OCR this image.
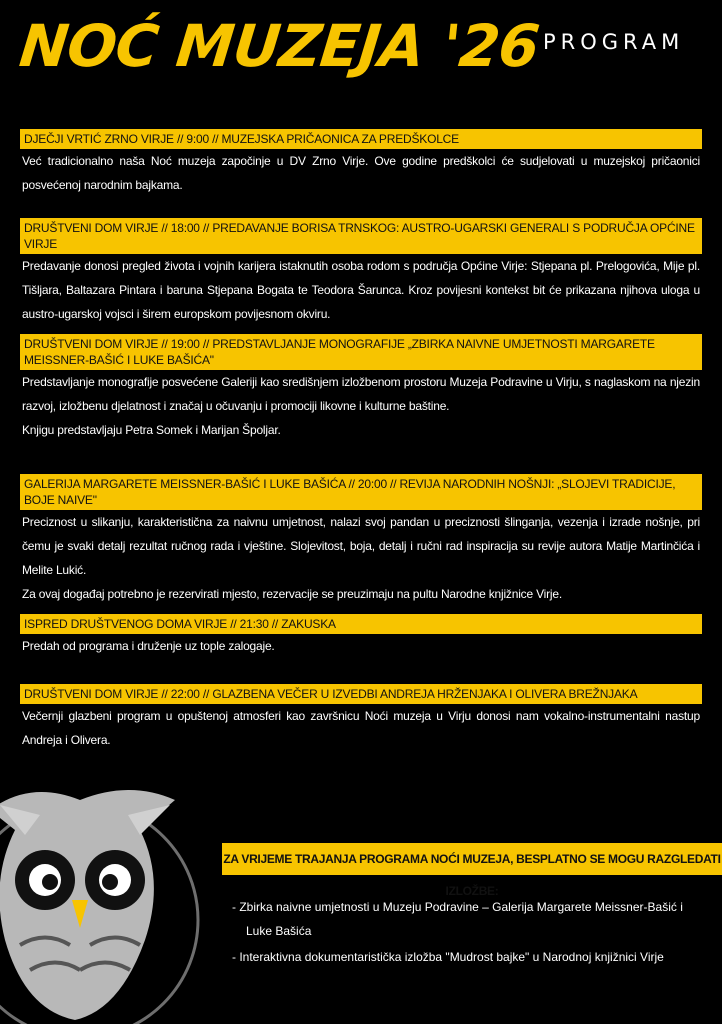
NOĆ MUZEJA '26 PROGRAM
DJEČJI VRTIĆ ZRNO VIRJE // 9:00 // MUZEJSKA PRIČAONICA ZA PREDŠKOLCE

Već tradicionalno naša Noć muzeja započinje u DV Zrno Virje. Ove godine predškolci će sudjelovati u muzejskoj pričaonici posvećenoj narodnim bajkama.

DRUŠTVENI DOM VIRJE // 18:00 // PREDAVANJE BORISA TRNSKOG: AUSTRO-UGARSKI GENERALI S PODRUČJA OPĆINE VIRJE

Predavanje donosi pregled života i vojnih karijera istaknutih osoba rodom s područja Općine Virje: Stjepana pl. Prelogovića, Mije pl. Tišljara, Baltazara Pintara i baruna Stjepana Bogata te Teodora Šarunca. Kroz povijesni kontekst bit će prikazana njihova uloga u austro-ugarskoj vojsci i širem europskom povijesnom okviru.

DRUŠTVENI DOM VIRJE // 19:00 // PREDSTAVLJANJE MONOGRAFIJE „ZBIRKA NAIVNE UMJETNOSTI MARGARETE MEISSNER-BAŠIĆ I LUKE BAŠIĆA"

Predstavljanje monografije posvećene Galeriji kao središnjem izložbenom prostoru Muzeja Podravine u Virju, s naglaskom na njezin razvoj, izložbenu djelatnost i značaj u očuvanju i promociji likovne i kulturne baštine.

Knjigu predstavljaju Petra Somek i Marijan Špoljar.

GALERIJA MARGARETE MEISSNER-BAŠIĆ I LUKE BAŠIĆA // 20:00 // REVIJA NARODNIH NOŠNJI: „SLOJEVI TRADICIJE, BOJE NAIVE"

Preciznost u slikanju, karakteristična za naivnu umjetnost, nalazi svoj pandan u preciznosti šlinganja, vezenja i izrade nošnje, pri čemu je svaki detalj rezultat ručnog rada i vještine. Slojevitost, boja, detalj i ručni rad inspiracija su revije autora Matije Martinčića i Melite Lukić.

Za ovaj događaj potrebno je rezervirati mjesto, rezervacije se preuzimaju na pultu Narodne knjižnice Virje.

ISPRED DRUŠTVENOG DOMA VIRJE // 21:30 // ZAKUSKA

Predah od programa i druženje uz tople zalogaje.

DRUŠTVENI DOM VIRJE // 22:00 // GLAZBENA VEČER U IZVEDBI ANDREJA HRŽENJAKA I OLIVERA BREŽNJAKA

Večernji glazbeni program u opuštenoj atmosferi kao završnicu Noći muzeja u Virju donosi nam vokalno-instrumentalni nastup Andreja i Olivera.

ZA VRIJEME TRAJANJA PROGRAMA NOĆI MUZEJA, BESPLATNO SE MOGU RAZGLEDATI IZLOŽBE:
- Zbirka naivne umjetnosti u Muzeju Podravine – Galerija Margarete Meissner-Bašić i Luke Bašića
- Interaktivna dokumentaristička izložba "Mudrost bajke" u Narodnoj knjižnici Virje
